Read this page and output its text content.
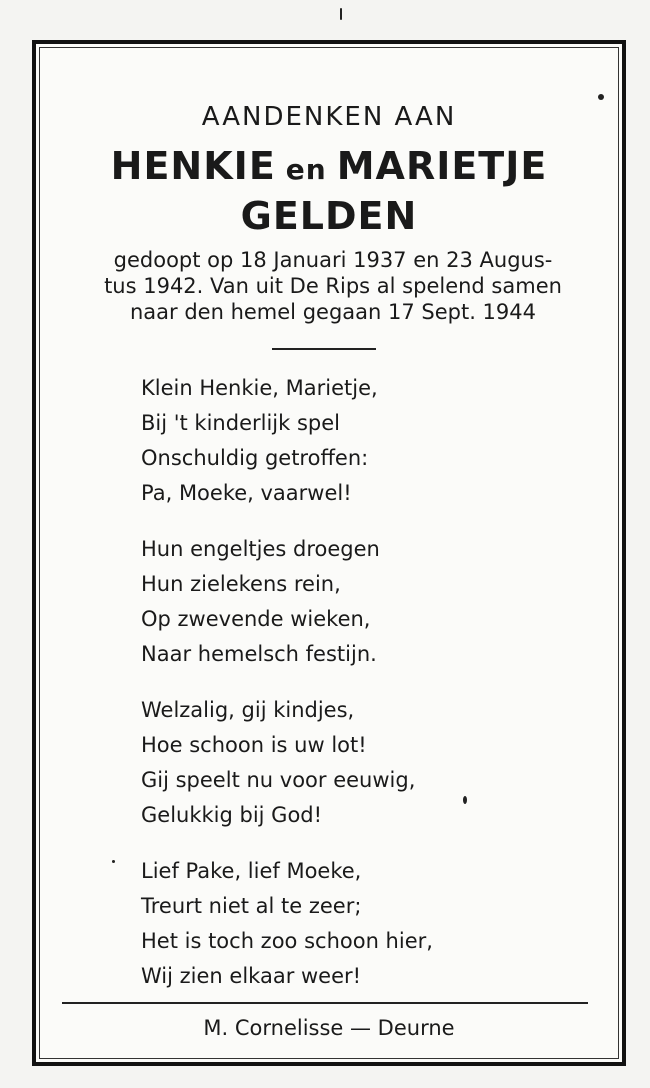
AANDENKEN AAN
HENKIE en MARIETJE
GELDEN
gedoopt op 18 Januari 1937 en 23 Augus-
tus 1942. Van uit De Rips al spelend samen
naar den hemel gegaan 17 Sept. 1944
Klein Henkie, Marietje,
Bij 't kinderlijk spel
Onschuldig getroffen:
Pa, Moeke, vaarwel!
Hun engeltjes droegen
Hun zielekens rein,
Op zwevende wieken,
Naar hemelsch festijn.
Welzalig, gij kindjes,
Hoe schoon is uw lot!
Gij speelt nu voor eeuwig,
Gelukkig bij God!
Lief Pake, lief Moeke,
Treurt niet al te zeer;
Het is toch zoo schoon hier,
Wij zien elkaar weer!
M. Cornelisse — Deurne
